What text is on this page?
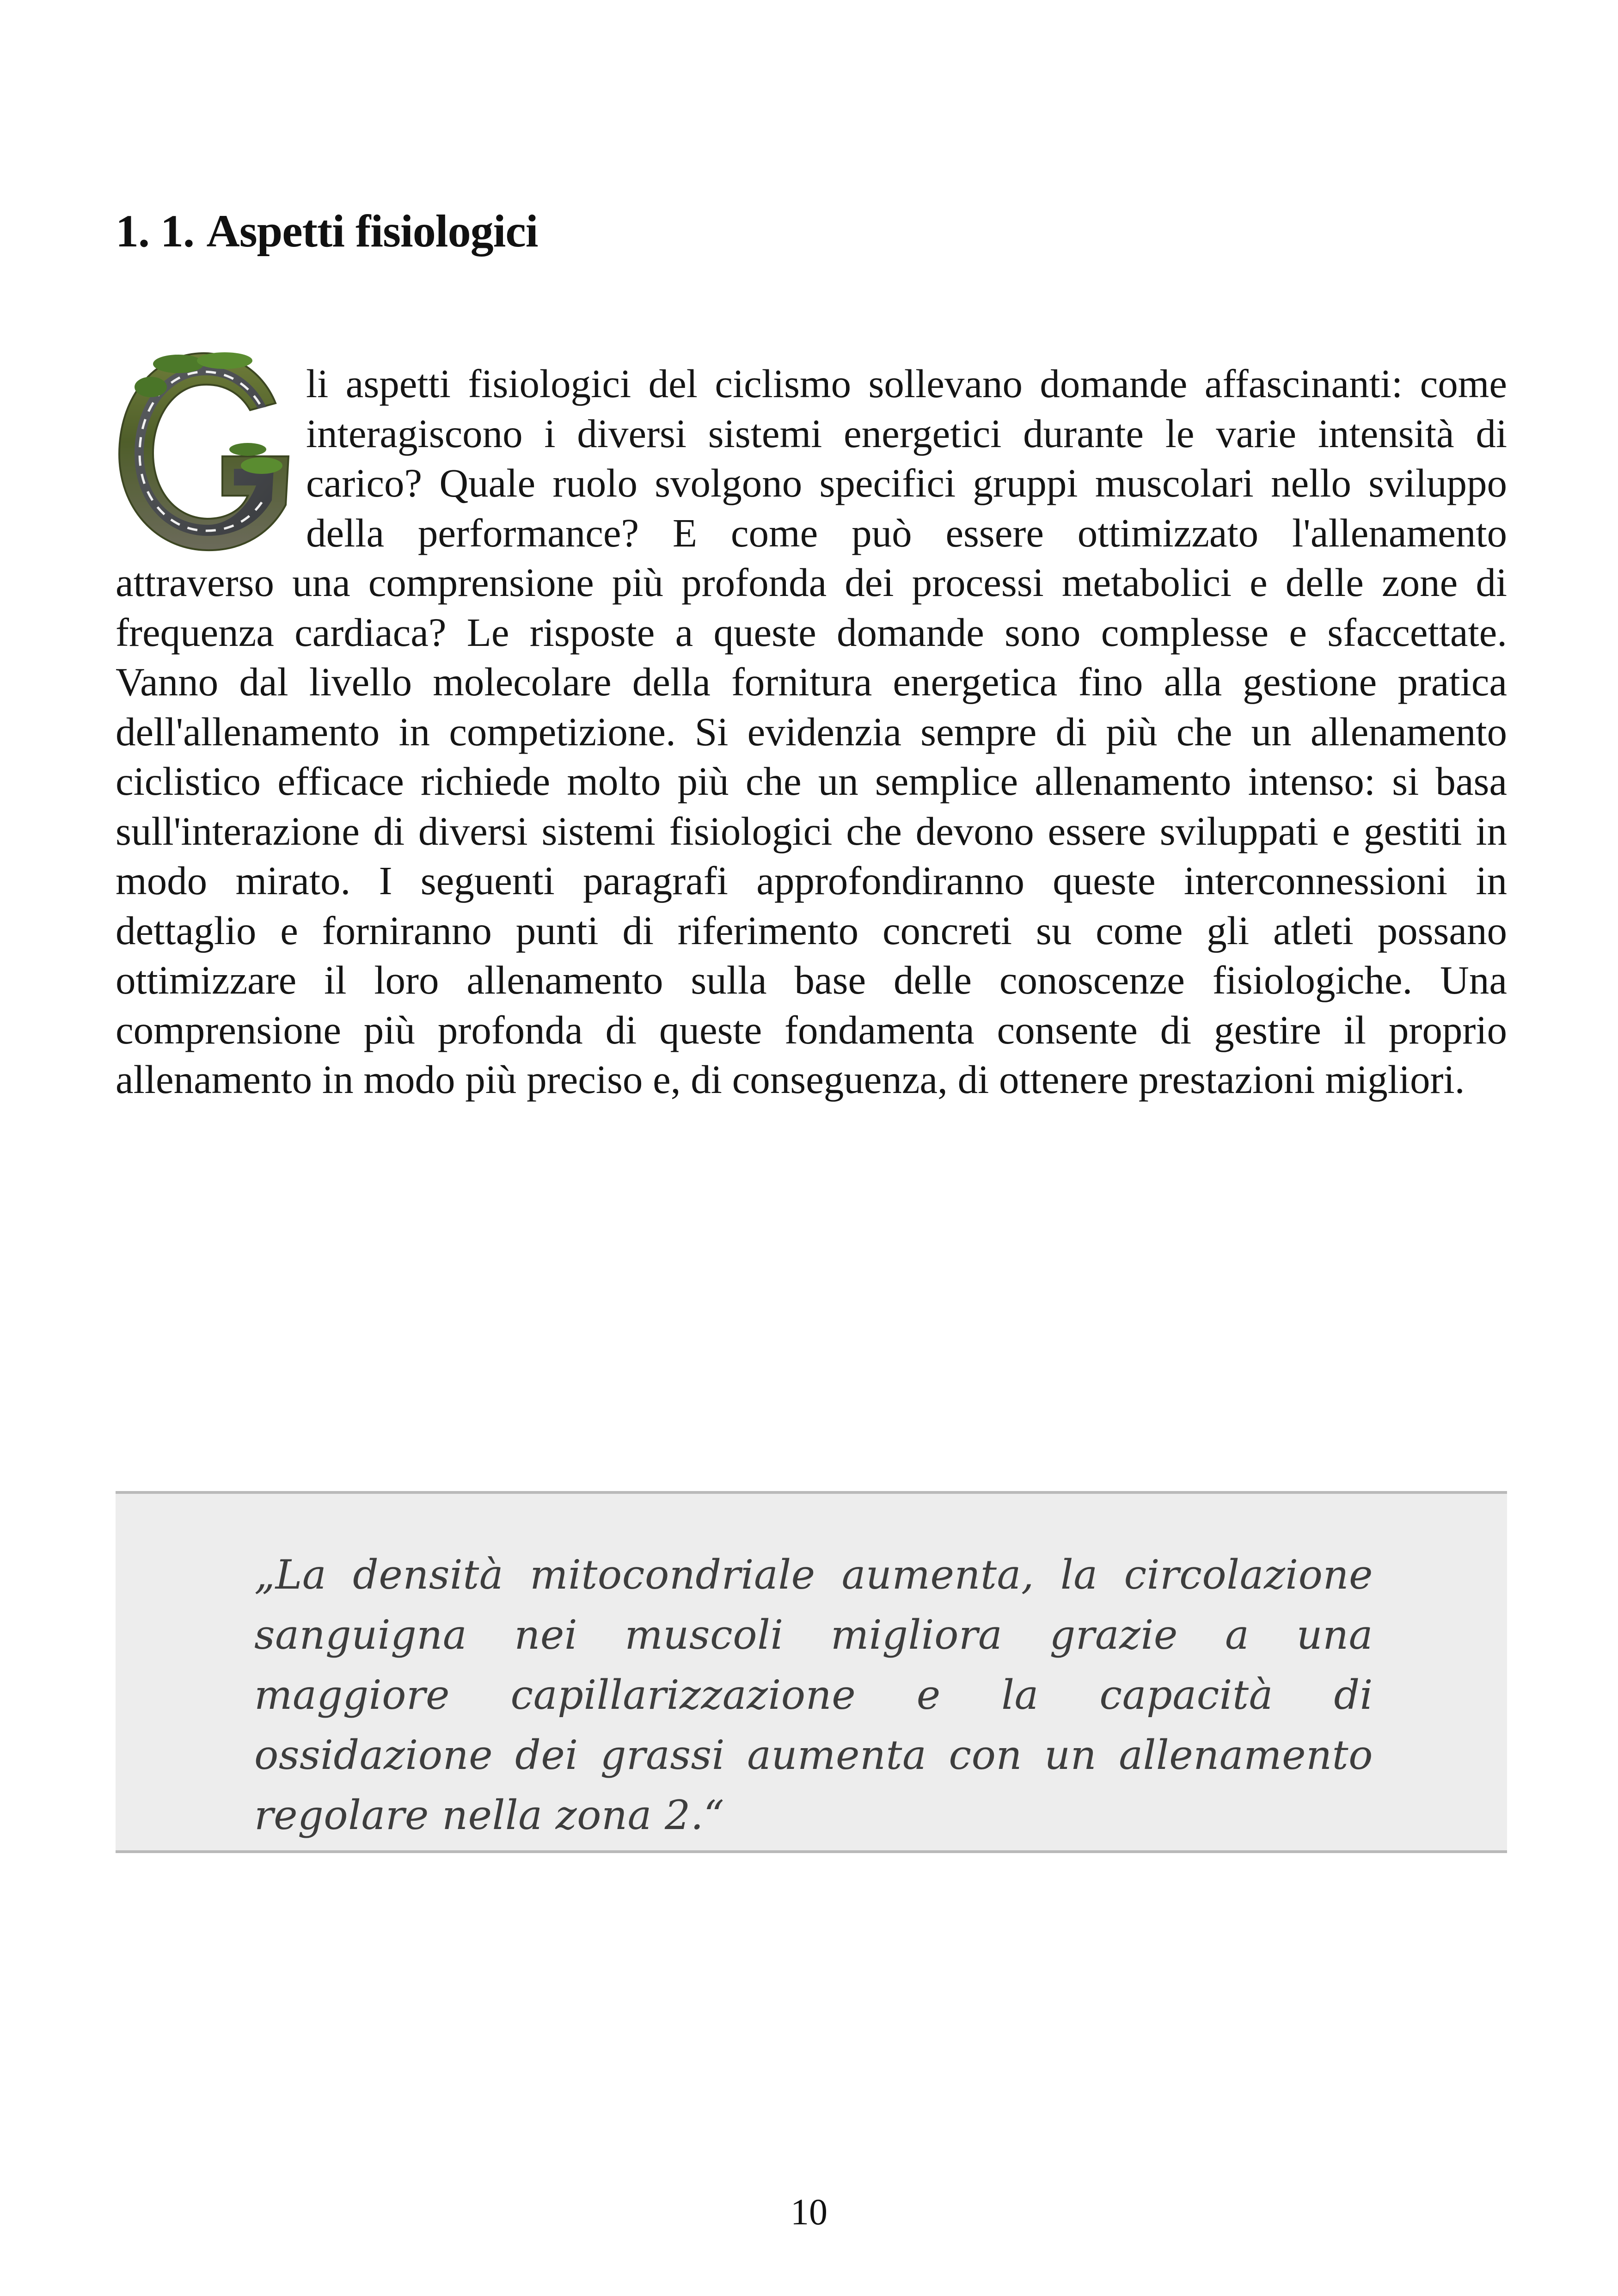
1. 1. Aspetti fisiologici

li aspetti fisiologici del ciclismo sollevano domande affascinanti: come interagiscono i diversi sistemi energetici durante le varie intensità di carico? Quale ruolo svolgono specifici gruppi muscolari nello sviluppo della performance? E come può essere ottimizzato l'allenamento attraverso una comprensione più profonda dei processi metabolici e delle zone di frequenza cardiaca? Le risposte a queste domande sono complesse e sfaccettate. Vanno dal livello molecolare della fornitura energetica fino alla gestione pratica dell'allenamento in competizione. Si evidenzia sempre di più che un allenamento ciclistico efficace richiede molto più che un semplice allenamento intenso: si basa sull'interazione di diversi sistemi fisiologici che devono essere sviluppati e gestiti in modo mirato. I seguenti paragrafi approfondiranno queste interconnessioni in dettaglio e forniranno punti di riferimento concreti su come gli atleti possano ottimizzare il loro allenamento sulla base delle conoscenze fisiologiche. Una comprensione più profonda di queste fondamenta consente di gestire il proprio allenamento in modo più preciso e, di conseguenza, di ottenere prestazioni migliori.

„La densità mitocondriale aumenta, la circolazione sanguigna nei muscoli migliora grazie a una maggiore capillarizzazione e la capacità di ossidazione dei grassi aumenta con un allenamento regolare nella zona 2.“

10
